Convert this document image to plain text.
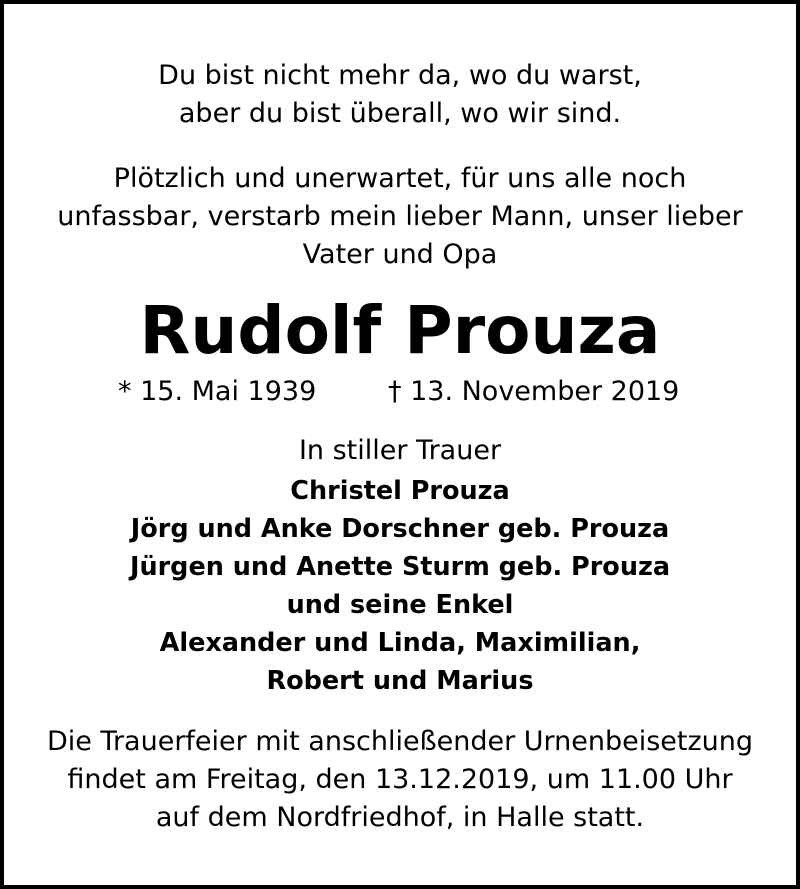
Du bist nicht mehr da, wo du warst,
aber du bist überall, wo wir sind.
Plötzlich und unerwartet, für uns alle noch
unfassbar, verstarb mein lieber Mann, unser lieber
Vater und Opa
Rudolf Prouza
* 15. Mai 1939	† 13. November 2019
In stiller Trauer
Christel Prouza
Jörg und Anke Dorschner geb. Prouza
Jürgen und Anette Sturm geb. Prouza
und seine Enkel
Alexander und Linda, Maximilian,
Robert und Marius
Die Trauerfeier mit anschließender Urnenbeisetzung
findet am Freitag, den 13.12.2019, um 11.00 Uhr
auf dem Nordfriedhof, in Halle statt.
